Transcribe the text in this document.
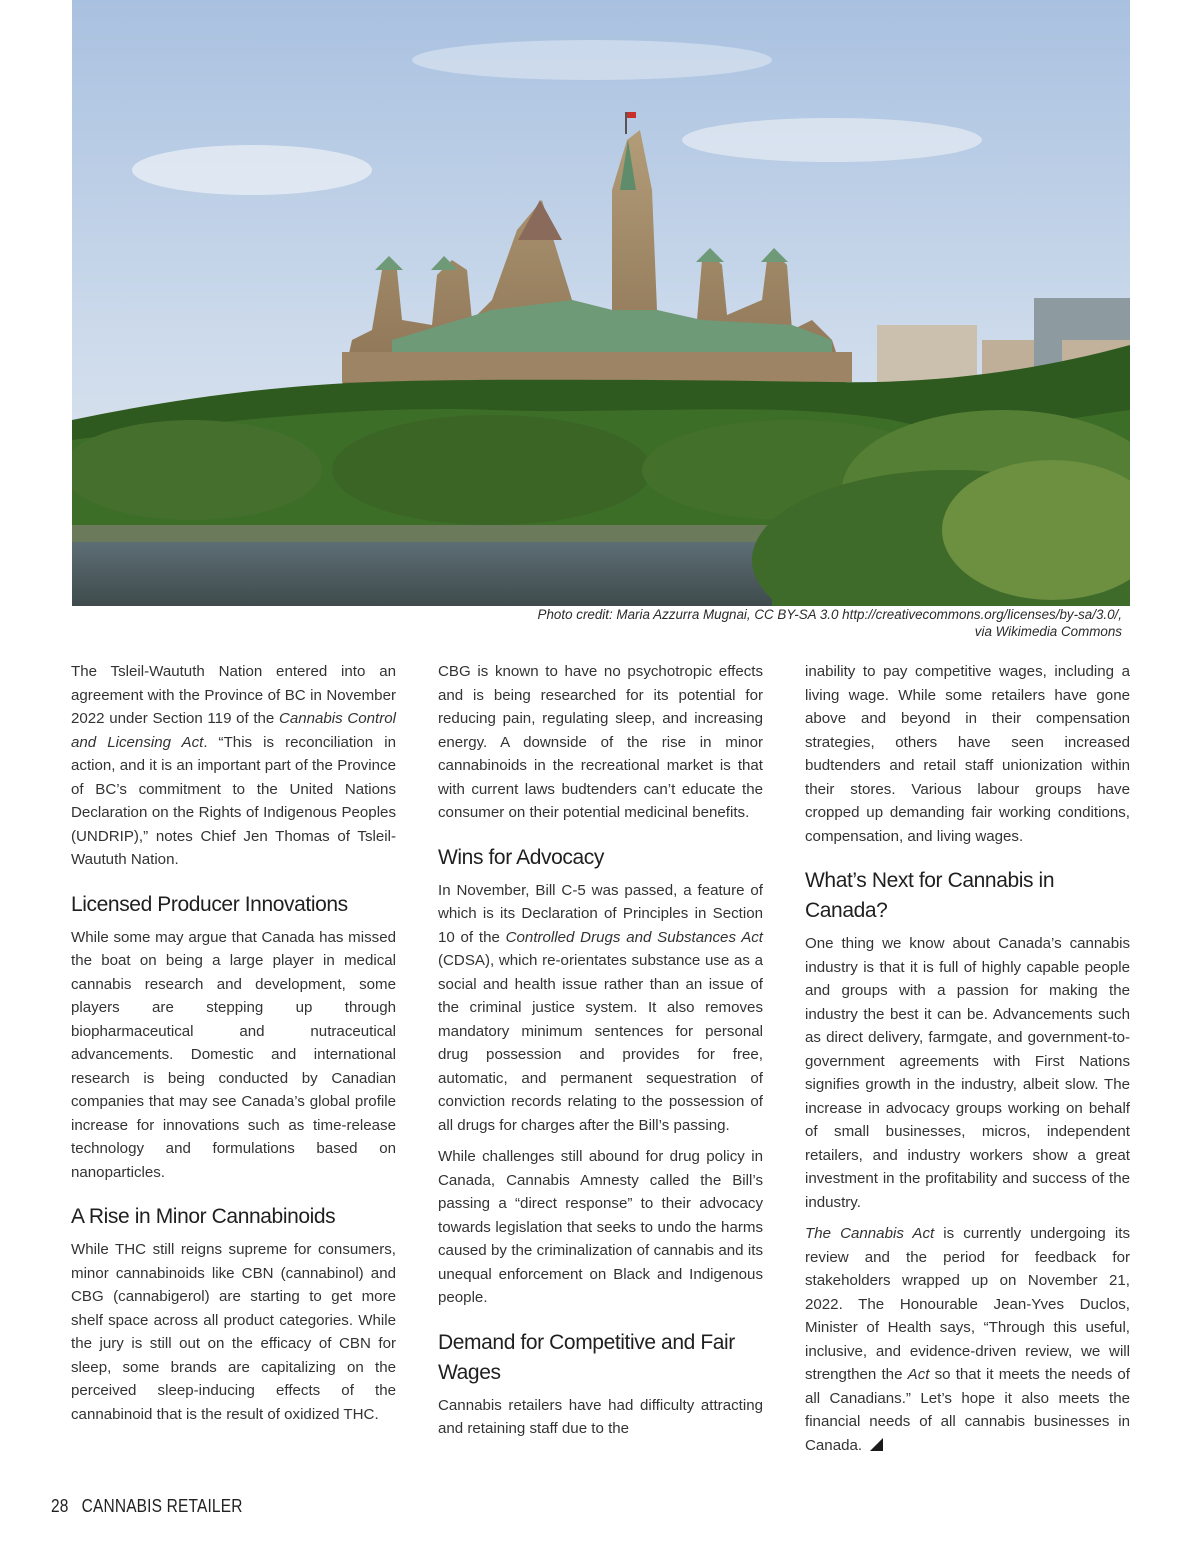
Photo credit: Maria Azzurra Mugnai, CC BY-SA 3.0 http://creativecommons.org/licenses/by-sa/3.0/,
via Wikimedia Commons

The Tsleil-Waututh Nation entered into an agreement with the Province of BC in November 2022 under Section 119 of the Cannabis Control and Licensing Act. “This is reconciliation in action, and it is an important part of the Province of BC’s commitment to the United Nations Declaration on the Rights of Indigenous Peoples (UNDRIP),” notes Chief Jen Thomas of Tsleil-Waututh Nation.

Licensed Producer Innovations

While some may argue that Canada has missed the boat on being a large player in medical cannabis research and development, some players are stepping up through biopharmaceutical and nutraceutical advancements. Domestic and international research is being conducted by Canadian companies that may see Canada’s global profile increase for innovations such as time-release technology and formulations based on nanoparticles.

A Rise in Minor Cannabinoids

While THC still reigns supreme for consumers, minor cannabinoids like CBN (cannabinol) and CBG (cannabigerol) are starting to get more shelf space across all product categories. While the jury is still out on the efficacy of CBN for sleep, some brands are capitalizing on the perceived sleep-inducing effects of the cannabinoid that is the result of oxidized THC.

CBG is known to have no psychotropic effects and is being researched for its potential for reducing pain, regulating sleep, and increasing energy. A downside of the rise in minor cannabinoids in the recreational market is that with current laws budtenders can’t educate the consumer on their potential medicinal benefits.

Wins for Advocacy

In November, Bill C-5 was passed, a feature of which is its Declaration of Principles in Section 10 of the Controlled Drugs and Substances Act (CDSA), which re-orientates substance use as a social and health issue rather than an issue of the criminal justice system. It also removes mandatory minimum sentences for personal drug possession and provides for free, automatic, and permanent sequestration of conviction records relating to the possession of all drugs for charges after the Bill’s passing.

While challenges still abound for drug policy in Canada, Cannabis Amnesty called the Bill’s passing a “direct response” to their advocacy towards legislation that seeks to undo the harms caused by the criminalization of cannabis and its unequal enforcement on Black and Indigenous people.

Demand for Competitive and Fair Wages

Cannabis retailers have had difficulty attracting and retaining staff due to the

inability to pay competitive wages, including a living wage. While some retailers have gone above and beyond in their compensation strategies, others have seen increased budtenders and retail staff unionization within their stores. Various labour groups have cropped up demanding fair working conditions, compensation, and living wages.

What’s Next for Cannabis in Canada?

One thing we know about Canada’s cannabis industry is that it is full of highly capable people and groups with a passion for making the industry the best it can be. Advancements such as direct delivery, farmgate, and government-to-government agreements with First Nations signifies growth in the industry, albeit slow. The increase in advocacy groups working on behalf of small businesses, micros, independent retailers, and industry workers show a great investment in the profitability and success of the industry.

The Cannabis Act is currently undergoing its review and the period for feedback for stakeholders wrapped up on November 21, 2022. The Honourable Jean-Yves Duclos, Minister of Health says, “Through this useful, inclusive, and evidence-driven review, we will strengthen the Act so that it meets the needs of all Canadians.” Let’s hope it also meets the financial needs of all cannabis businesses in Canada.

28 CANNABIS RETAILER
